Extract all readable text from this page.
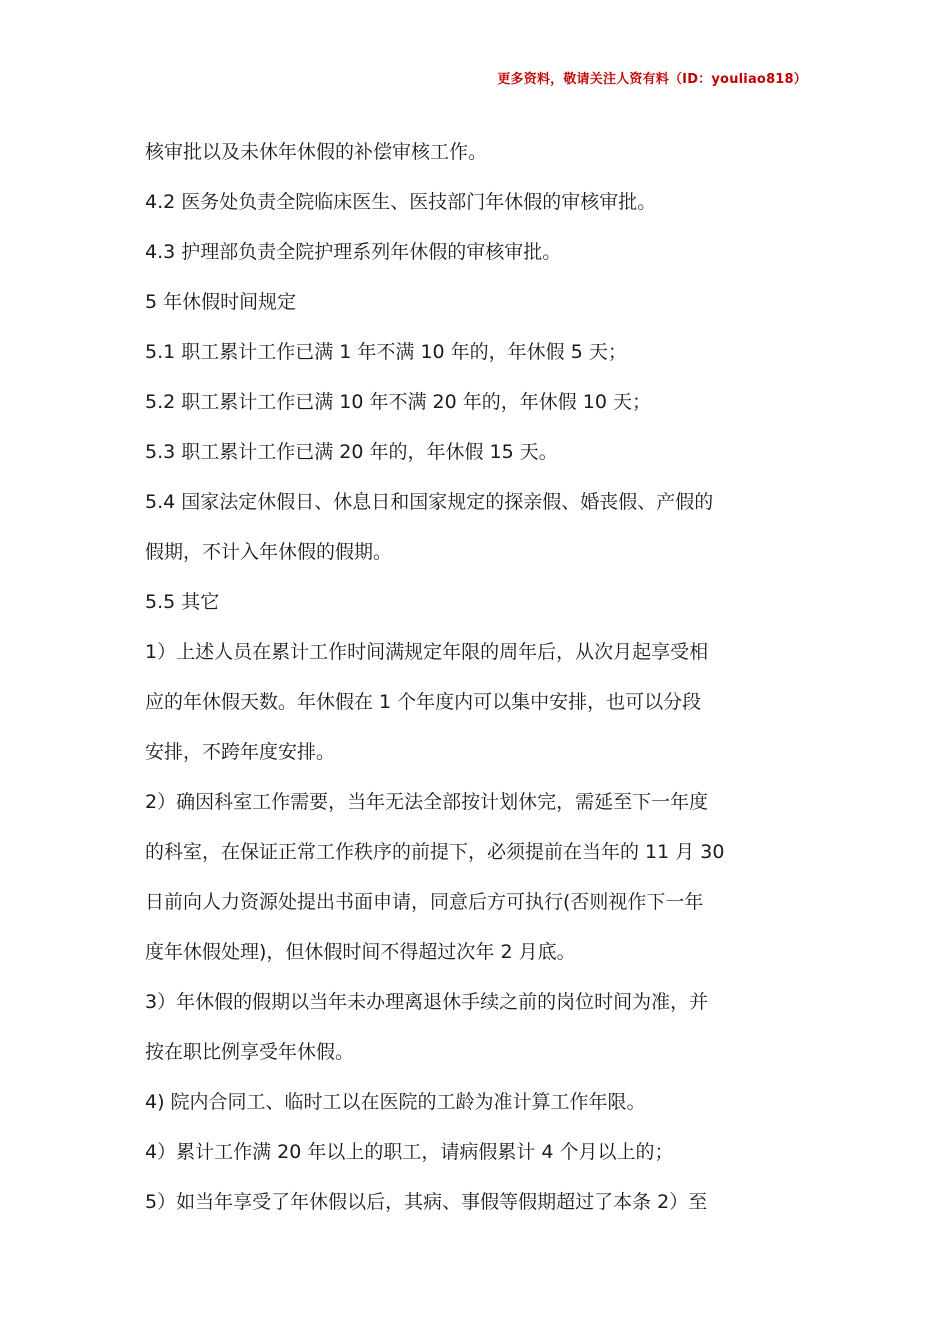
更多资料，敬请关注人资有料（ID：youliao818）
核审批以及未休年休假的补偿审核工作。
4.2 医务处负责全院临床医生、医技部门年休假的审核审批。
4.3 护理部负责全院护理系列年休假的审核审批。
5 年休假时间规定
5.1 职工累计工作已满 1 年不满 10 年的，年休假 5 天；
5.2 职工累计工作已满 10 年不满 20 年的，年休假 10 天；
5.3 职工累计工作已满 20 年的，年休假 15 天。
5.4 国家法定休假日、休息日和国家规定的探亲假、婚丧假、产假的
假期，不计入年休假的假期。
5.5 其它
1）上述人员在累计工作时间满规定年限的周年后，从次月起享受相
应的年休假天数。年休假在 1 个年度内可以集中安排，也可以分段
安排，不跨年度安排。
2）确因科室工作需要，当年无法全部按计划休完，需延至下一年度
的科室，在保证正常工作秩序的前提下，必须提前在当年的 11 月 30
日前向人力资源处提出书面申请，同意后方可执行(否则视作下一年
度年休假处理)，但休假时间不得超过次年 2 月底。
3）年休假的假期以当年未办理离退休手续之前的岗位时间为准，并
按在职比例享受年休假。
4) 院内合同工、临时工以在医院的工龄为准计算工作年限。
4）累计工作满 20 年以上的职工，请病假累计 4 个月以上的；
5）如当年享受了年休假以后，其病、事假等假期超过了本条 2）至
